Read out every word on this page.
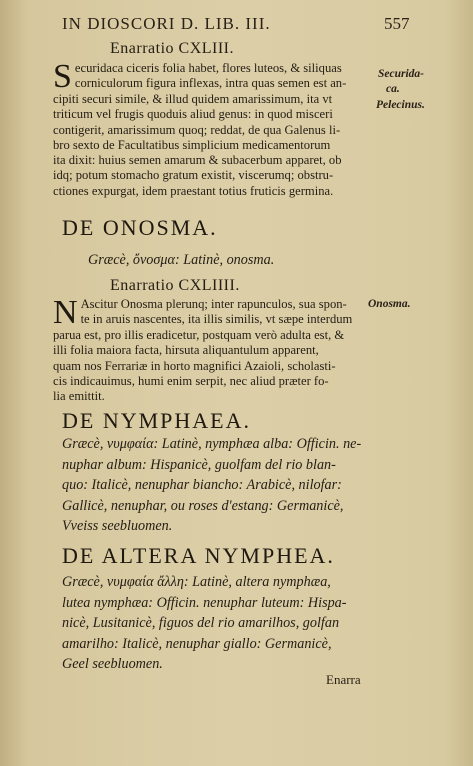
IN DIOSCORI D. LIB. III.	557
Enarratio CXLIII.
S ecuridaca ciceris folia habet, flores luteos, & siliquas
corniculorum figura inflexas, intra quas semen est an-
cipiti securi simile, & illud quidem amarissimum, ita vt
triticum vel frugis quoduis aliud genus: in quod misceri
contigerit, amarissimum quoq; reddat, de qua Galenus li-
bro sexto de Facultatibus simplicium medicamentorum
ita dixit: huius semen amarum & subacerbum apparet, ob
idq; potum stomacho gratum existit, viscerumq; obstru-
ctiones expurgat, idem praestant totius fruticis germina.
Securida-
ca.
Pelecinus.
DE ONOSMA.
Græcè, ὄνοσμα: Latinè, onosma.
Enarratio CXLIIII.
N Ascitur Onosma plerunq; inter rapunculos, sua spon-
te in aruis nascentes, ita illis similis, vt sæpe interdum
parua est, pro illis eradicetur, postquam verò adulta est, &
illi folia maiora facta, hirsuta aliquantulum apparent,
quam nos Ferrariæ in horto magnifici Azaioli, scholasti-
cis indicauimus, humi enim serpit, nec aliud præter fo-
lia emittit.
Onosma.
DE NYMPHAEA.
Græcè, νυμφαία: Latinè, nymphæa alba: Officin. ne-
nuphar album: Hispanicè, guolfam del rio blan-
quo: Italicè, nenuphar biancho: Arabicè, nilofar:
Gallicè, nenuphar, ou roses d'estang: Germanicè,
Vveiss seebluomen.
DE ALTERA NYMPHEA.
Græcè, νυμφαία ἄλλη: Latinè, altera nymphæa,
lutea nymphæa: Officin. nenuphar luteum: Hispa-
nicè, Lusitanicè, figuos del rio amarilhos, golfan
amarilho: Italicè, nenuphar giallo: Germanicè,
Geel seebluomen.
Enarra
